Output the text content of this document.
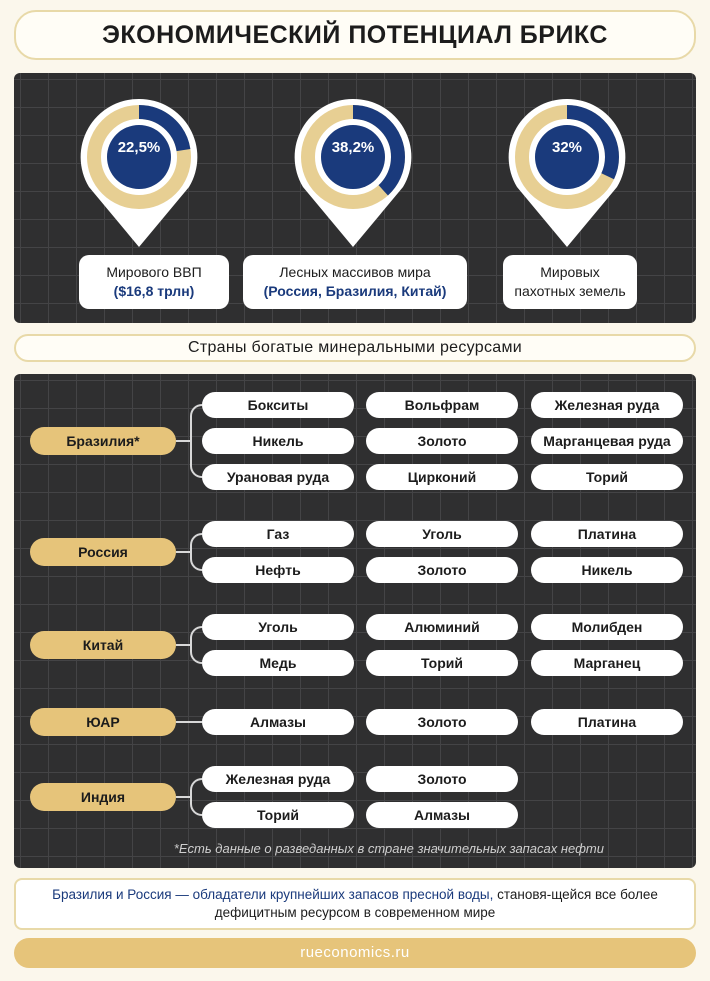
ЭКОНОМИЧЕСКИЙ ПОТЕНЦИАЛ БРИКС
22,5%
Мирового ВВП
($16,8 трлн)
38,2%
Лесных массивов мира
(Россия, Бразилия, Китай)
32%
Мировых пахотных земель
Страны богатые минеральными ресурсами
*Есть данные о разведанных в стране значительных запасах нефти
Бразилия*
Бокситы	Вольфрам	Железная руда
Никель	Золото	Марганцевая руда
Урановая руда	Цирконий	Торий
Россия
Газ	Уголь	Платина
Нефть	Золото	Никель
Китай
Уголь	Алюминий	Молибден
Медь	Торий	Марганец
ЮАР	Алмазы	Золото	Платина
Индия
Железная руда	Золото
Торий	Алмазы
Бразилия и Россия — обладатели крупнейших запасов пресной воды, становя-щейся все более дефицитным ресурсом в современном мире
rueconomics.ru
